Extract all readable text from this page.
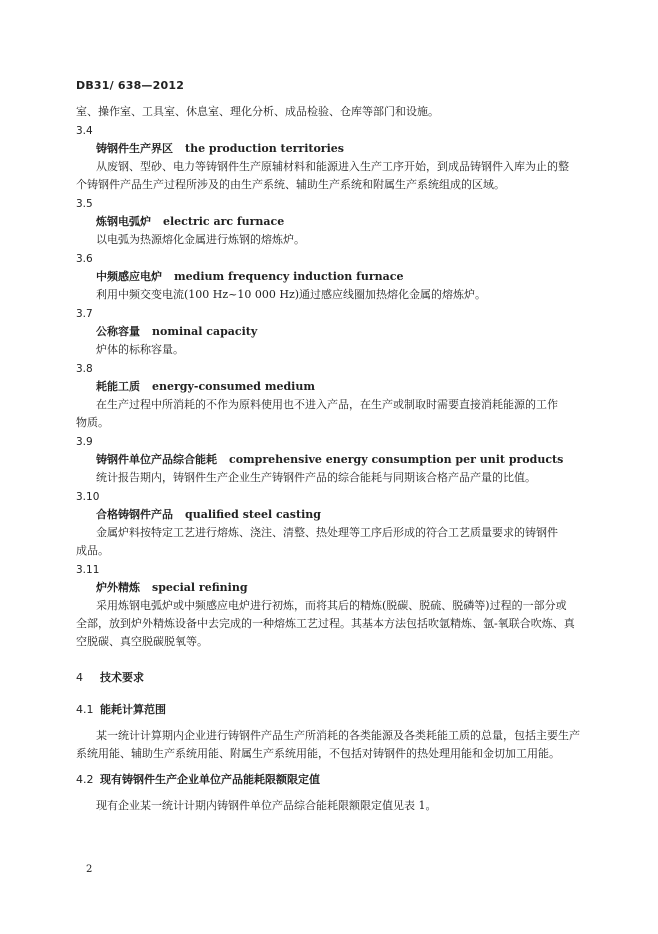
DB31/ 638—2012
室、操作室、工具室、休息室、理化分析、成品检验、仓库等部门和设施。
3.4
铸钢件生产界区 the production territories
从废钢、型砂、电力等铸钢件生产原辅材料和能源进入生产工序开始，到成品铸钢件入库为止的整
个铸钢件产品生产过程所涉及的由生产系统、辅助生产系统和附属生产系统组成的区域。
3.5
炼钢电弧炉 electric arc furnace
以电弧为热源熔化金属进行炼钢的熔炼炉。
3.6
中频感应电炉 medium frequency induction furnace
利用中频交变电流(100 Hz~10 000 Hz)通过感应线圈加热熔化金属的熔炼炉。
3.7
公称容量 nominal capacity
炉体的标称容量。
3.8
耗能工质 energy-consumed medium
在生产过程中所消耗的不作为原料使用也不进入产品，在生产或制取时需要直接消耗能源的工作
物质。
3.9
铸钢件单位产品综合能耗 comprehensive energy consumption per unit products
统计报告期内，铸钢件生产企业生产铸钢件产品的综合能耗与同期该合格产品产量的比值。
3.10
合格铸钢件产品 qualified steel casting
金属炉料按特定工艺进行熔炼、浇注、清整、热处理等工序后形成的符合工艺质量要求的铸钢件
成品。
3.11
炉外精炼 special refining
采用炼钢电弧炉或中频感应电炉进行初炼，而将其后的精炼(脱碳、脱硫、脱磷等)过程的一部分或
全部，放到炉外精炼设备中去完成的一种熔炼工艺过程。其基本方法包括吹氩精炼、氩-氧联合吹炼、真
空脱碳、真空脱碳脱氧等。
4 技术要求
4.1 能耗计算范围
某一统计计算期内企业进行铸钢件产品生产所消耗的各类能源及各类耗能工质的总量，包括主要生产
系统用能、辅助生产系统用能、附属生产系统用能，不包括对铸钢件的热处理用能和金切加工用能。
4.2 现有铸钢件生产企业单位产品能耗限额限定值
现有企业某一统计计期内铸钢件单位产品综合能耗限额限定值见表 1。
2
